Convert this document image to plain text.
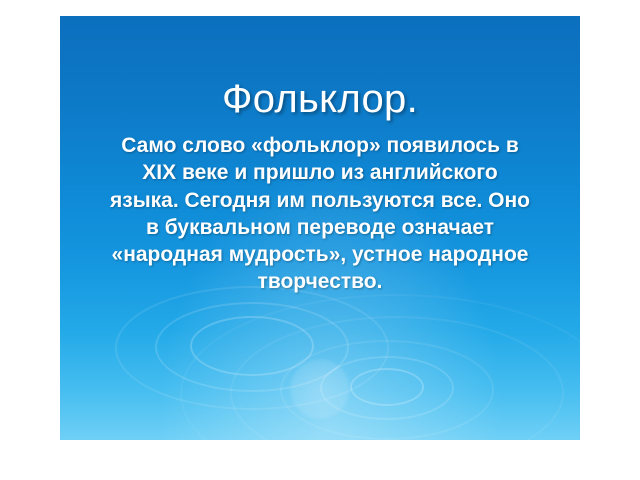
Фольклор.

Само слово «фольклор» появилось в XIX веке и пришло из английского языка. Сегодня им пользуются все. Оно в буквальном переводе означает «народная мудрость», устное народное творчество.
